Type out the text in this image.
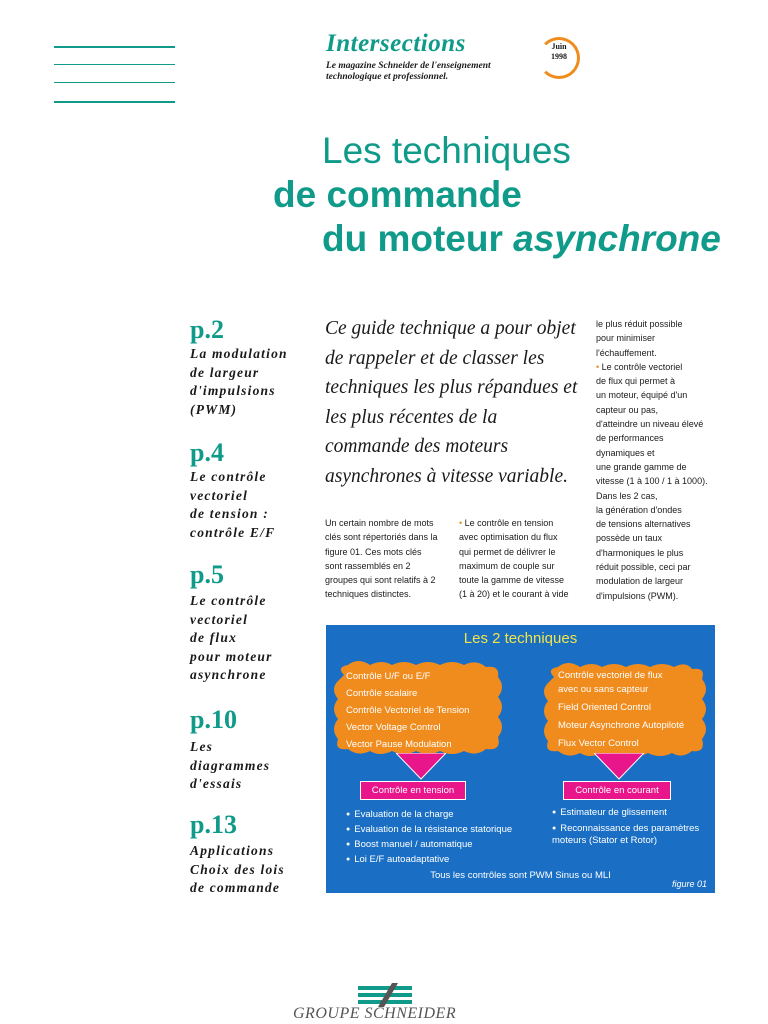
Intersections
Le magazine Schneider de l'enseignement technologique et professionnel.
Juin
1998
Les techniques
de commande
du moteur asynchrone
p.2
La modulation
de largeur
d'impulsions
(PWM)
p.4
Le contrôle
vectoriel
de tension :
contrôle E/F
p.5
Le contrôle
vectoriel
de flux
pour moteur
asynchrone
p.10
Les
diagrammes
d'essais
p.13
Applications
Choix des lois
de commande
Ce guide technique a pour objet de rappeler et de classer les techniques les plus répandues et les plus récentes de la commande des moteurs asynchrones à vitesse variable.
Un certain nombre de mots
clés sont répertoriés dans la
figure 01. Ces mots clés
sont rassemblés en 2
groupes qui sont relatifs à 2
techniques distinctes.
• Le contrôle en tension
avec optimisation du flux
qui permet de délivrer le
maximum de couple sur
toute la gamme de vitesse
(1 à 20) et le courant à vide
le plus réduit possible
pour minimiser
l'échauffement.
• Le contrôle vectoriel
de flux qui permet à
un moteur, équipé d'un
capteur ou pas,
d'atteindre un niveau élevé
de performances
dynamiques et
une grande gamme de
vitesse (1 à 100 / 1 à 1000).
Dans les 2 cas,
la génération d'ondes
de tensions alternatives
possède un taux
d'harmoniques le plus
réduit possible, ceci par
modulation de largeur
d'impulsions (PWM).
Les 2 techniques
Contrôle U/F ou E/F
Contrôle scalaire
Contrôle Vectoriel de Tension
Vector Voltage Control
Vector Pause Modulation
Contrôle vectoriel de flux
avec ou sans capteur
Field Oriented Control
Moteur Asynchrone Autopiloté
Flux Vector Control
Contrôle en tension	Contrôle en courant
● Evaluation de la charge
● Evaluation de la résistance statorique
● Boost manuel / automatique
● Loi E/F autoadaptative
● Estimateur de glissement
● Reconnaissance des paramètres moteurs (Stator et Rotor)
Tous les contrôles sont PWM Sinus ou MLI
figure 01
GROUPE SCHNEIDER
